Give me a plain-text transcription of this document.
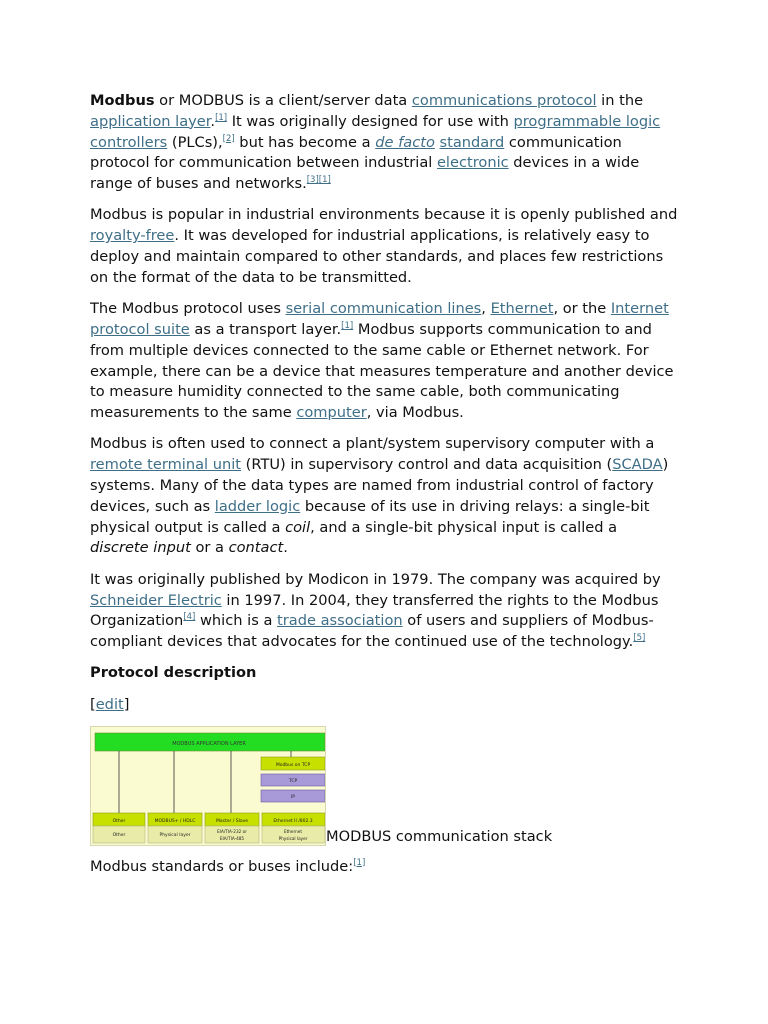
Modbus or MODBUS is a client/server data communications protocol in the application layer.[1] It was originally designed for use with programmable logic controllers (PLCs),[2] but has become a de facto standard communication protocol for communication between industrial electronic devices in a wide range of buses and networks.[3][1]

Modbus is popular in industrial environments because it is openly published and royalty-free. It was developed for industrial applications, is relatively easy to deploy and maintain compared to other standards, and places few restrictions on the format of the data to be transmitted.

The Modbus protocol uses serial communication lines, Ethernet, or the Internet protocol suite as a transport layer.[1] Modbus supports communication to and from multiple devices connected to the same cable or Ethernet network. For example, there can be a device that measures temperature and another device to measure humidity connected to the same cable, both communicating measurements to the same computer, via Modbus.

Modbus is often used to connect a plant/system supervisory computer with a remote terminal unit (RTU) in supervisory control and data acquisition (SCADA) systems. Many of the data types are named from industrial control of factory devices, such as ladder logic because of its use in driving relays: a single-bit physical output is called a coil, and a single-bit physical input is called a discrete input or a contact.

It was originally published by Modicon in 1979. The company was acquired by Schneider Electric in 1997. In 2004, they transferred the rights to the Modbus Organization[4] which is a trade association of users and suppliers of Modbus-compliant devices that advocates for the continued use of the technology.[5]

Protocol description

[edit]

MODBUS APPLICATION LAYER
Modbus on TCP
TCP
IP
Other
Other
MODBUS+ / HDLC
Physical layer
Master / Slave
EIA/TIA-232 or
EIA/TIA-485
Ethernet II /802.3
Ethernet
Physical layer MODBUS communication stack

Modbus standards or buses include:[1]
